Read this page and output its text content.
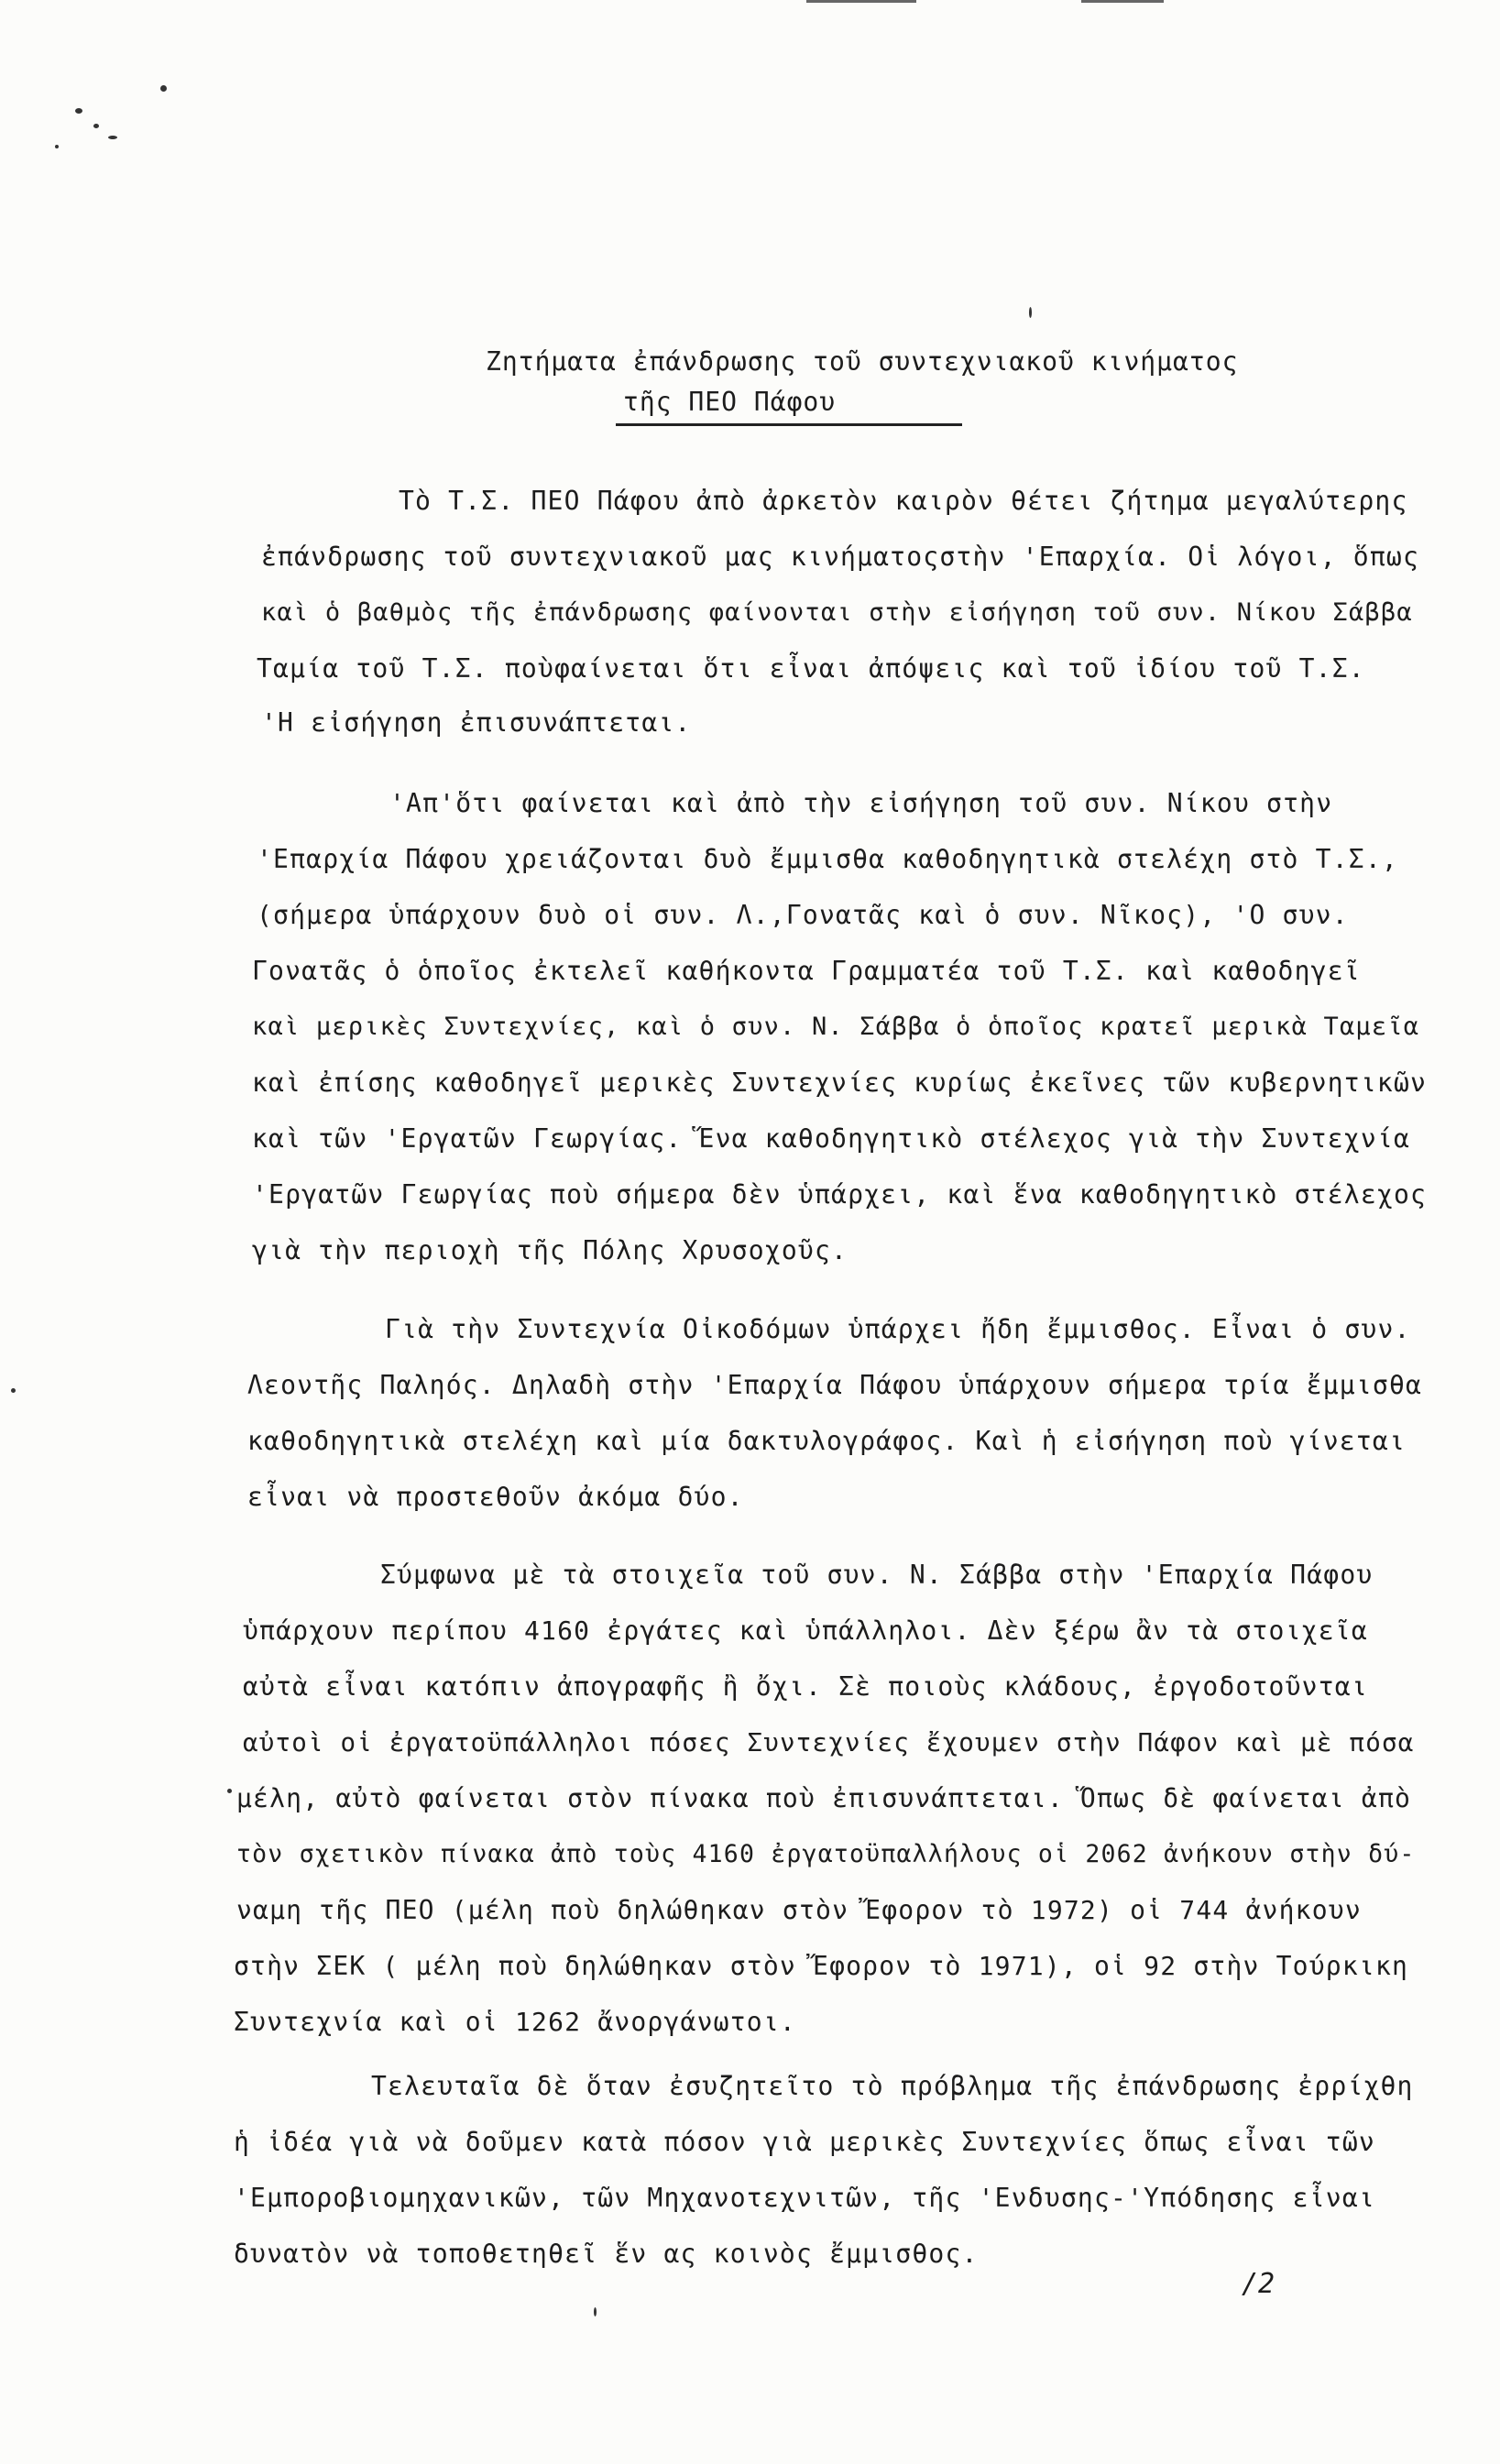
Ζητήματα ἐπάνδρωσης τοῦ συντεχνιακοῦ κινήματος
τῆς ΠΕΟ Πάφου
Τὸ Τ.Σ. ΠΕΟ Πάφου ἀπὸ ἀρκετὸν καιρὸν θέτει ζήτημα μεγαλύτερης
ἐπάνδρωσης τοῦ συντεχνιακοῦ μας κινήματοςστὴν 'Επαρχία. Οἱ λόγοι, ὅπως
καὶ ὁ βαθμὸς τῆς ἐπάνδρωσης φαίνονται στὴν εἰσήγηση τοῦ συν. Νίκου Σάββα
Ταμία τοῦ Τ.Σ. ποὺφαίνεται ὅτι εἶναι ἀπόψεις καὶ τοῦ ἰδίου τοῦ Τ.Σ.
'Η εἰσήγηση ἐπισυνάπτεται.
'Απ'ὅτι φαίνεται καὶ ἀπὸ τὴν εἰσήγηση τοῦ συν. Νίκου στὴν
'Επαρχία Πάφου χρειάζονται δυὸ ἔμμισθα καθοδηγητικὰ στελέχη στὸ Τ.Σ.,
(σήμερα ὑπάρχουν δυὸ οἱ συν. Λ.,Γονατᾶς καὶ ὁ συν. Νῖκος), 'Ο συν.
Γονατᾶς ὁ ὁποῖος ἐκτελεῖ καθήκοντα Γραμματέα τοῦ Τ.Σ. καὶ καθοδηγεῖ
καὶ μερικὲς Συντεχνίες, καὶ ὁ συν. Ν. Σάββα ὁ ὁποῖος κρατεῖ μερικὰ Ταμεῖα
καὶ ἐπίσης καθοδηγεῖ μερικὲς Συντεχνίες κυρίως ἐκεῖνες τῶν κυβερνητικῶν
καὶ τῶν 'Εργατῶν Γεωργίας. Ἕνα καθοδηγητικὸ στέλεχος γιὰ τὴν Συντεχνία
'Εργατῶν Γεωργίας ποὺ σήμερα δὲν ὑπάρχει, καὶ ἕνα καθοδηγητικὸ στέλεχος
γιὰ τὴν περιοχὴ τῆς Πόλης Χρυσοχοῦς.
Γιὰ τὴν Συντεχνία Οἰκοδόμων ὑπάρχει ἤδη ἔμμισθος. Εἶναι ὁ συν.
Λεοντῆς Παληός. Δηλαδὴ στὴν 'Επαρχία Πάφου ὑπάρχουν σήμερα τρία ἔμμισθα
καθοδηγητικὰ στελέχη καὶ μία δακτυλογράφος. Καὶ ἡ εἰσήγηση ποὺ γίνεται
εἶναι νὰ προστεθοῦν ἀκόμα δύο.
Σύμφωνα μὲ τὰ στοιχεῖα τοῦ συν. Ν. Σάββα στὴν 'Επαρχία Πάφου
ὑπάρχουν περίπου 4160 ἐργάτες καὶ ὑπάλληλοι. Δὲν ξέρω ἂν τὰ στοιχεῖα
αὐτὰ εἶναι κατόπιν ἀπογραφῆς ἢ ὄχι. Σὲ ποιοὺς κλάδους, ἐργοδοτοῦνται
αὐτοὶ οἱ ἐργατοϋπάλληλοι πόσες Συντεχνίες ἔχουμεν στὴν Πάφον καὶ μὲ πόσα
μέλη, αὐτὸ φαίνεται στὸν πίνακα ποὺ ἐπισυνάπτεται. Ὅπως δὲ φαίνεται ἀπὸ
τὸν σχετικὸν πίνακα ἀπὸ τοὺς 4160 ἐργατοϋπαλλήλους οἱ 2062 ἀνήκουν στὴν δύ-
ναμη τῆς ΠΕΟ (μέλη ποὺ δηλώθηκαν στὸν Ἔφορον τὸ 1972) οἱ 744 ἀνήκουν
στὴν ΣΕΚ ( μέλη ποὺ δηλώθηκαν στὸν Ἔφορον τὸ 1971), οἱ 92 στὴν Τούρκικη
Συντεχνία καὶ οἱ 1262 ἄνοργάνωτοι.
Τελευταῖα δὲ ὅταν ἐσυζητεῖτο τὸ πρόβλημα τῆς ἐπάνδρωσης ἐρρίχθη
ἡ ἰδέα γιὰ νὰ δοῦμεν κατὰ πόσον γιὰ μερικὲς Συντεχνίες ὅπως εἶναι τῶν
'Εμποροβιομηχανικῶν, τῶν Μηχανοτεχνιτῶν, τῆς 'Ενδυσης-'Υπόδησης εἶναι
δυνατὸν νὰ τοποθετηθεῖ ἕν ας κοινὸς ἔμμισθος.
/2
